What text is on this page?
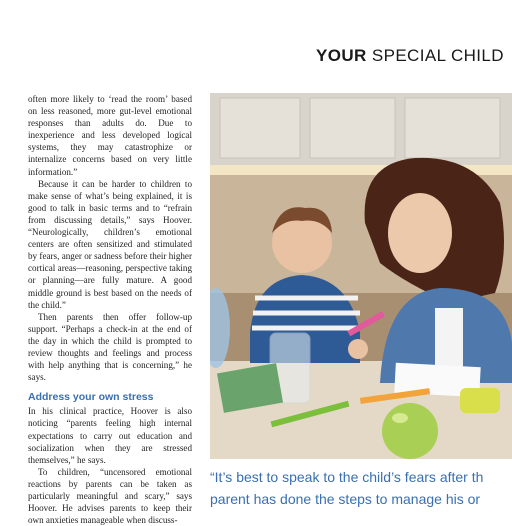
YOUR SPECIAL CHILD

often more likely to ‘read the room’ based on less reasoned, more gut-level emotional responses than adults do. Due to inexperience and less developed logical systems, they may catastrophize or internalize concerns based on very little information.”

Because it can be harder to children to make sense of what’s being explained, it is good to talk in basic terms and to “refrain from discussing details,” says Hoover. “Neurologically, children’s emotional centers are often sensitized and stimulated by fears, anger or sadness before their higher cortical areas—reasoning, perspective taking or planning—are fully mature. A good middle ground is best based on the needs of the child.”

Then parents then offer follow-up support. “Perhaps a check-in at the end of the day in which the child is prompted to review thoughts and feelings and process with help anything that is concerning,” he says.

Address your own stress

In his clinical practice, Hoover is also noticing “parents feeling high internal expectations to carry out education and socialization when they are stressed themselves,” he says.

To children, “uncensored emotional reactions by parents can be taken as particularly meaningful and scary,” says Hoover. He advises parents to keep their own anxieties manageable when discuss-

“It’s best to speak to the child’s fears after th
parent has done the steps to manage his or
